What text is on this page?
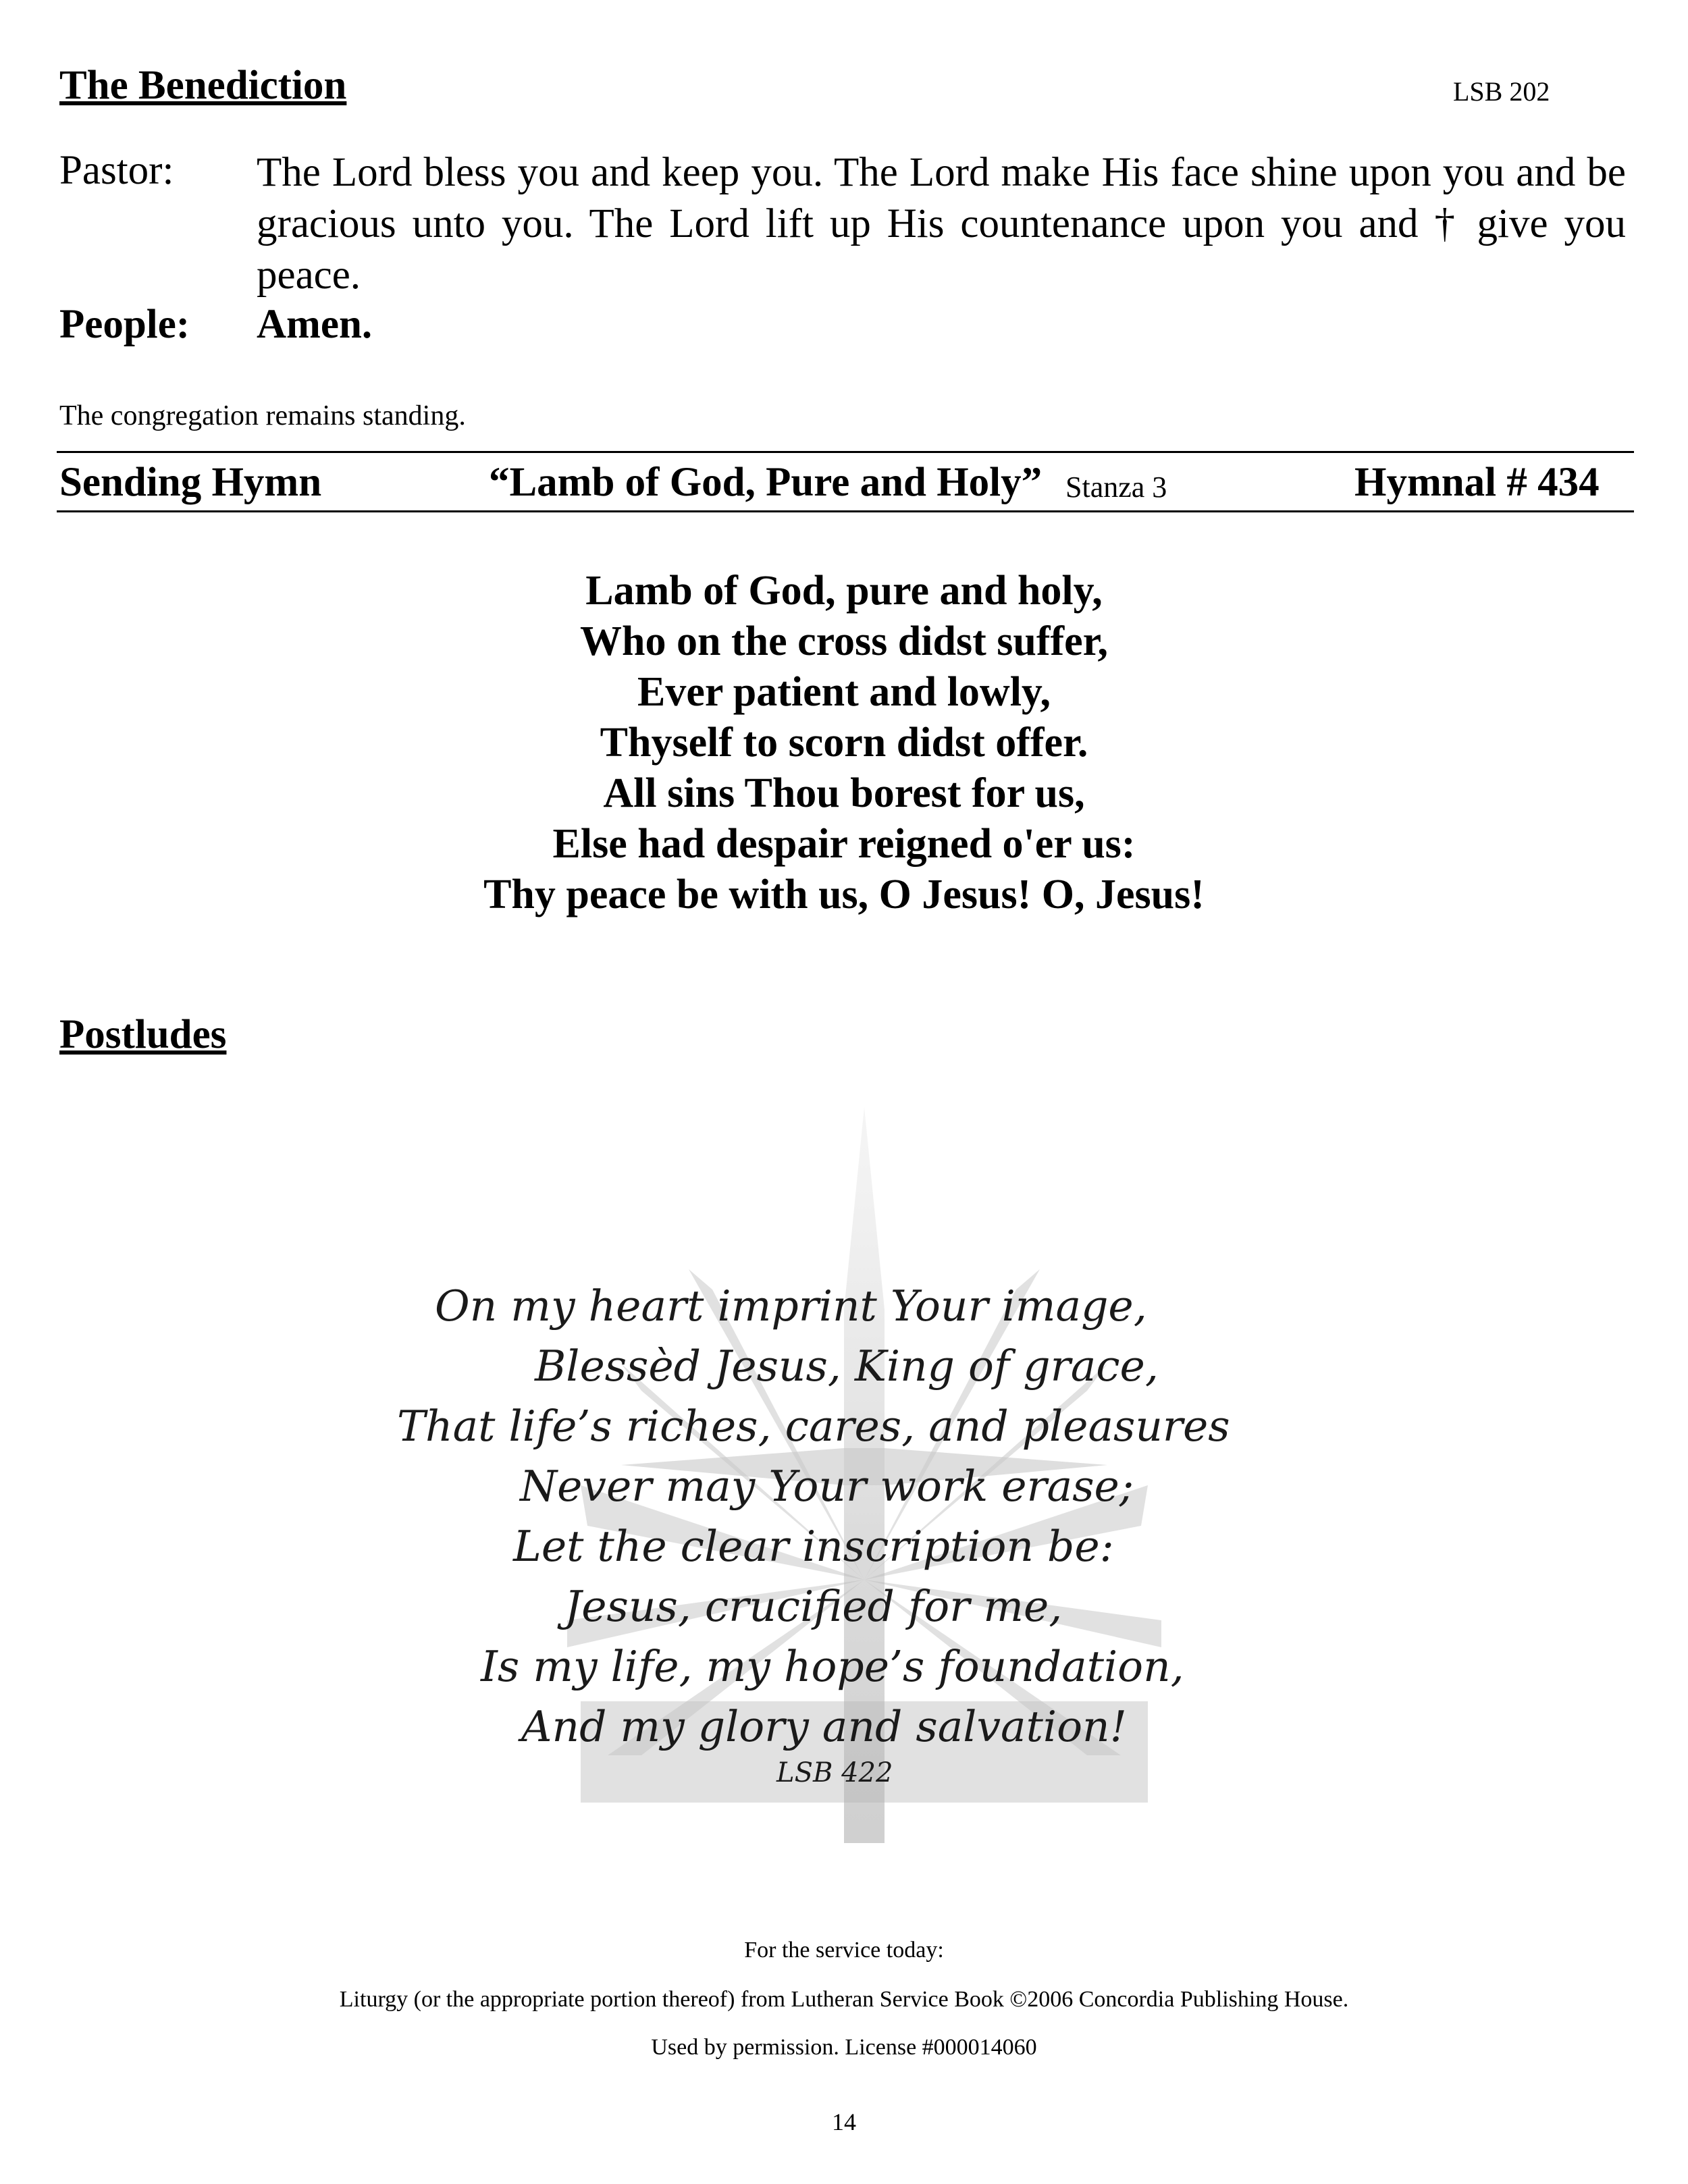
The Benediction	LSB 202
Pastor: The Lord bless you and keep you. The Lord make His face shine upon you and be gracious unto you. The Lord lift up His countenance upon you and † give you peace.
People: Amen.
The congregation remains standing.
Sending Hymn	“Lamb of God, Pure and Holy” Stanza 3	Hymnal # 434
Lamb of God, pure and holy,
Who on the cross didst suffer,
Ever patient and lowly,
Thyself to scorn didst offer.
All sins Thou borest for us,
Else had despair reigned o'er us:
Thy peace be with us, O Jesus! O, Jesus!
Postludes
On my heart imprint Your image,
Blessèd Jesus, King of grace,
That life’s riches, cares, and pleasures
Never may Your work erase;
Let the clear inscription be:
Jesus, crucified for me,
Is my life, my hope’s foundation,
And my glory and salvation!
LSB 422
For the service today:
Liturgy (or the appropriate portion thereof) from Lutheran Service Book ©2006 Concordia Publishing House.
Used by permission. License #000014060
14
